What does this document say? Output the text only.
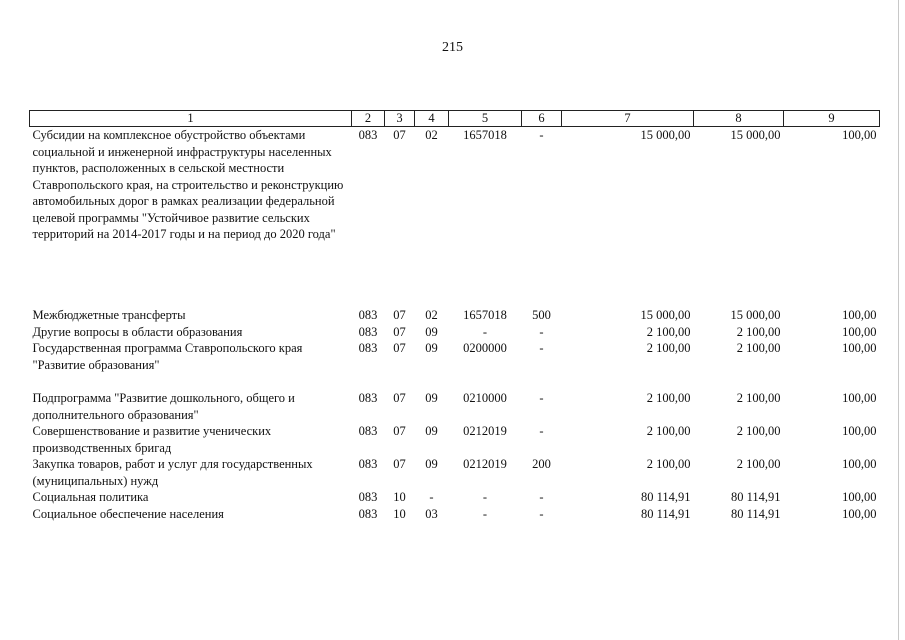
215
1	2	3	4	5	6	7	8	9
Субсидии на комплексное обустройство объектами социальной и инженерной инфраструктуры населенных пунктов, расположенных в сельской местности Ставропольского края, на строительство и реконструкцию автомобильных дорог в рамках реализации федеральной целевой программы "Устойчивое развитие сельских территорий на 2014-2017 годы и на период до 2020 года"	083	07	02	1657018	-	15 000,00	15 000,00	100,00
Межбюджетные трансферты	083	07	02	1657018	500	15 000,00	15 000,00	100,00
Другие вопросы в области образования	083	07	09	-	-	2 100,00	2 100,00	100,00
Государственная программа Ставропольского края "Развитие образования"	083	07	09	0200000	-	2 100,00	2 100,00	100,00
Подпрограмма "Развитие дошкольного, общего и дополнительного образования"	083	07	09	0210000	-	2 100,00	2 100,00	100,00
Совершенствование и развитие ученических производственных бригад	083	07	09	0212019	-	2 100,00	2 100,00	100,00
Закупка товаров, работ и услуг для государственных (муниципальных) нужд	083	07	09	0212019	200	2 100,00	2 100,00	100,00
Социальная политика	083	10	-	-	-	80 114,91	80 114,91	100,00
Социальное обеспечение населения	083	10	03	-	-	80 114,91	80 114,91	100,00
